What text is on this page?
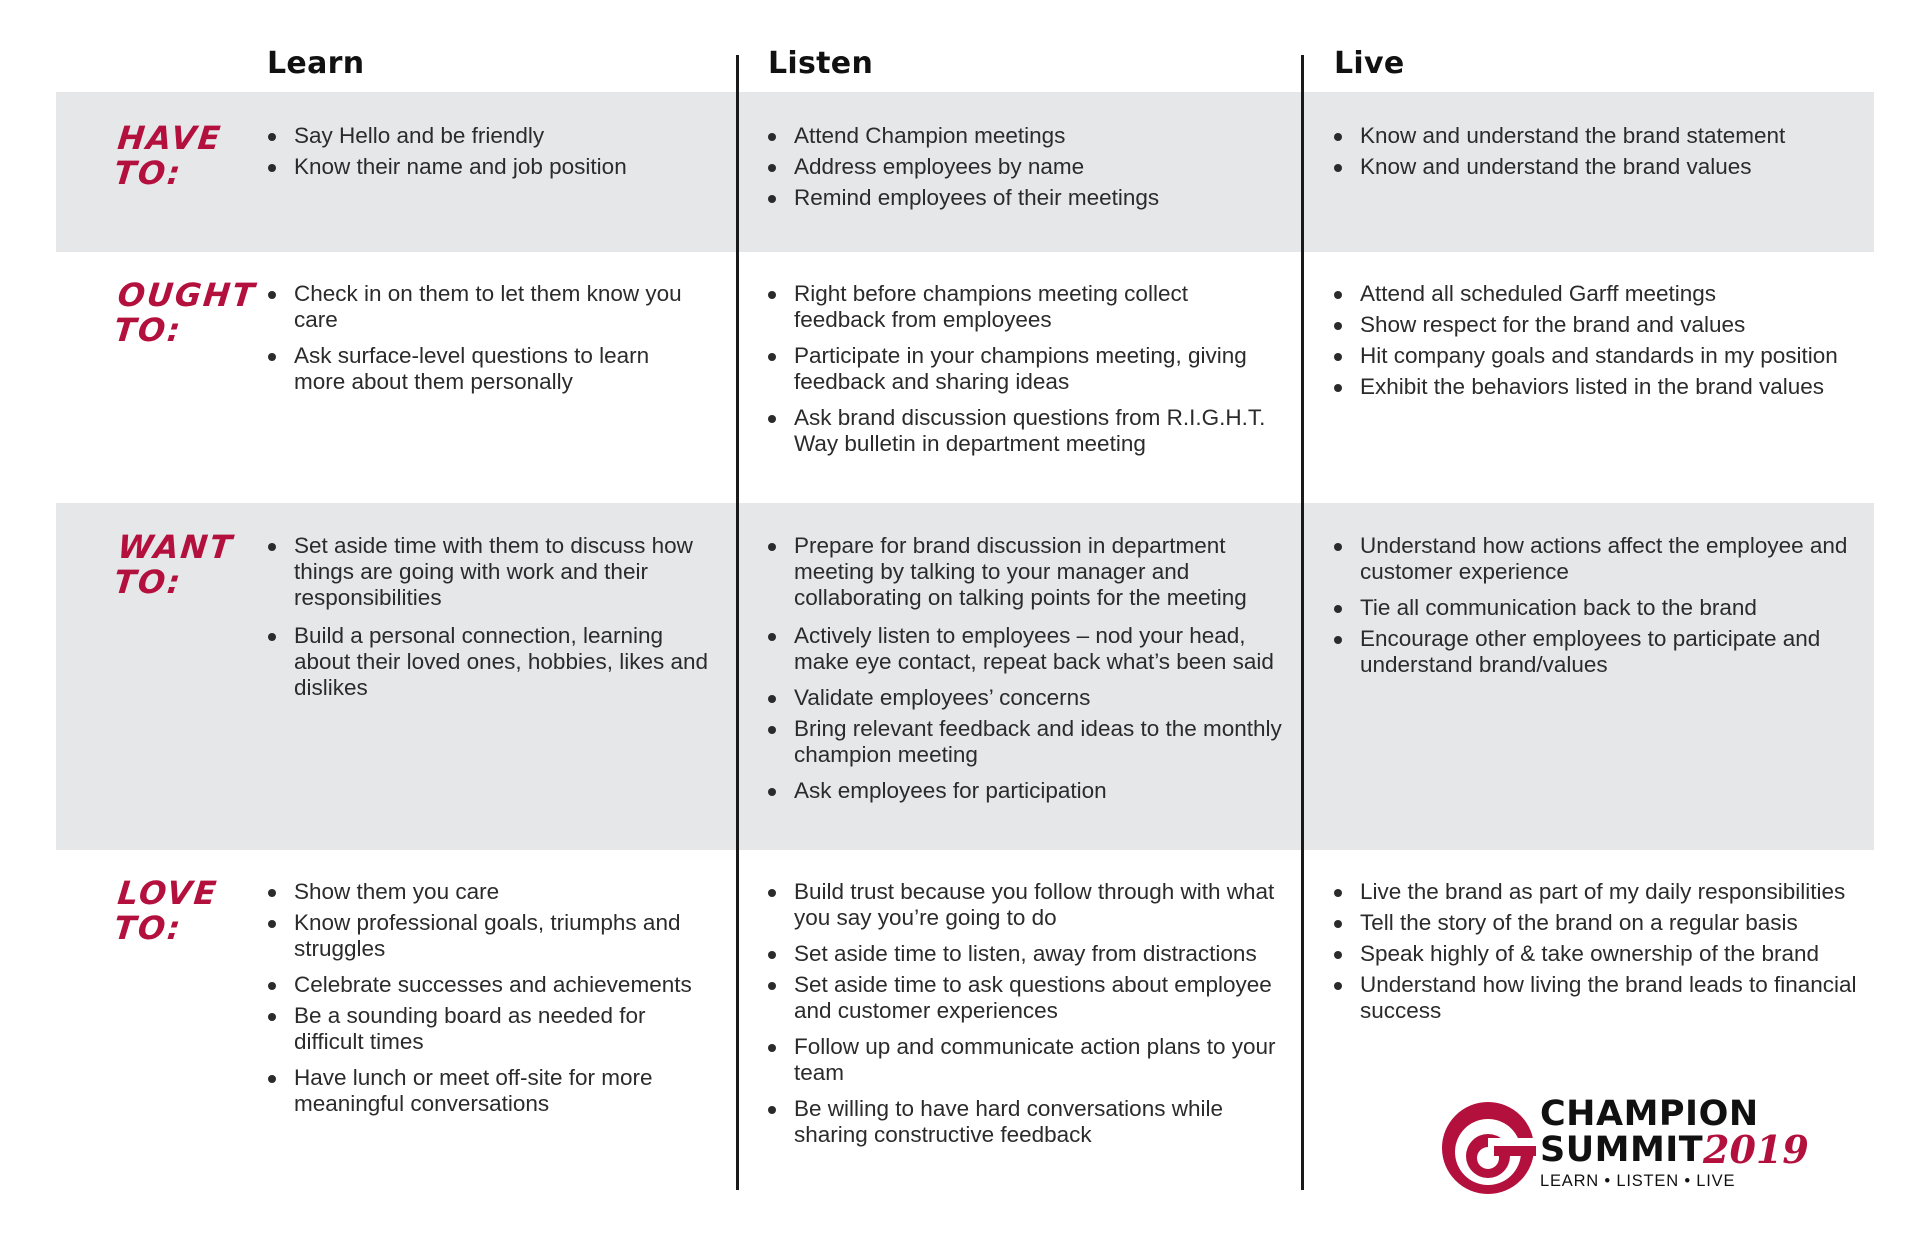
Learn	Listen	Live
HAVE
TO:
OUGHT
TO:
WANT
TO:
LOVE
TO:
Say Hello and be friendly
Know their name and job position
Attend Champion meetings
Address employees by name
Remind employees of their meetings
Know and understand the brand statement
Know and understand the brand values
Check in on them to let them know you care
Ask surface-level questions to learn more about them personally
Right before champions meeting collect feedback from employees
Participate in your champions meeting, giving feedback and sharing ideas
Ask brand discussion questions from R.I.G.H.T. Way bulletin in department meeting
Attend all scheduled Garff meetings
Show respect for the brand and values
Hit company goals and standards in my position
Exhibit the behaviors listed in the brand values
Set aside time with them to discuss how things are going with work and their responsibilities
Build a personal connection, learning about their loved ones, hobbies, likes and dislikes
Prepare for brand discussion in department meeting by talking to your manager and collaborating on talking points for the meeting
Actively listen to employees – nod your head, make eye contact, repeat back what’s been said
Validate employees’ concerns
Bring relevant feedback and ideas to the monthly champion meeting
Ask employees for participation
Understand how actions affect the employee and customer experience
Tie all communication back to the brand
Encourage other employees to participate and understand brand/values
Show them you care
Know professional goals, triumphs and struggles
Celebrate successes and achievements
Be a sounding board as needed for difficult times
Have lunch or meet off-site for more meaningful conversations
Build trust because you follow through with what you say you’re going to do
Set aside time to listen, away from distractions
Set aside time to ask questions about employee and customer experiences
Follow up and communicate action plans to your team
Be willing to have hard conversations while sharing constructive feedback
Live the brand as part of my daily responsibilities
Tell the story of the brand on a regular basis
Speak highly of & take ownership of the brand
Understand how living the brand leads to financial success
CHAMPION
SUMMIT 2019
LEARN • LISTEN • LIVE
